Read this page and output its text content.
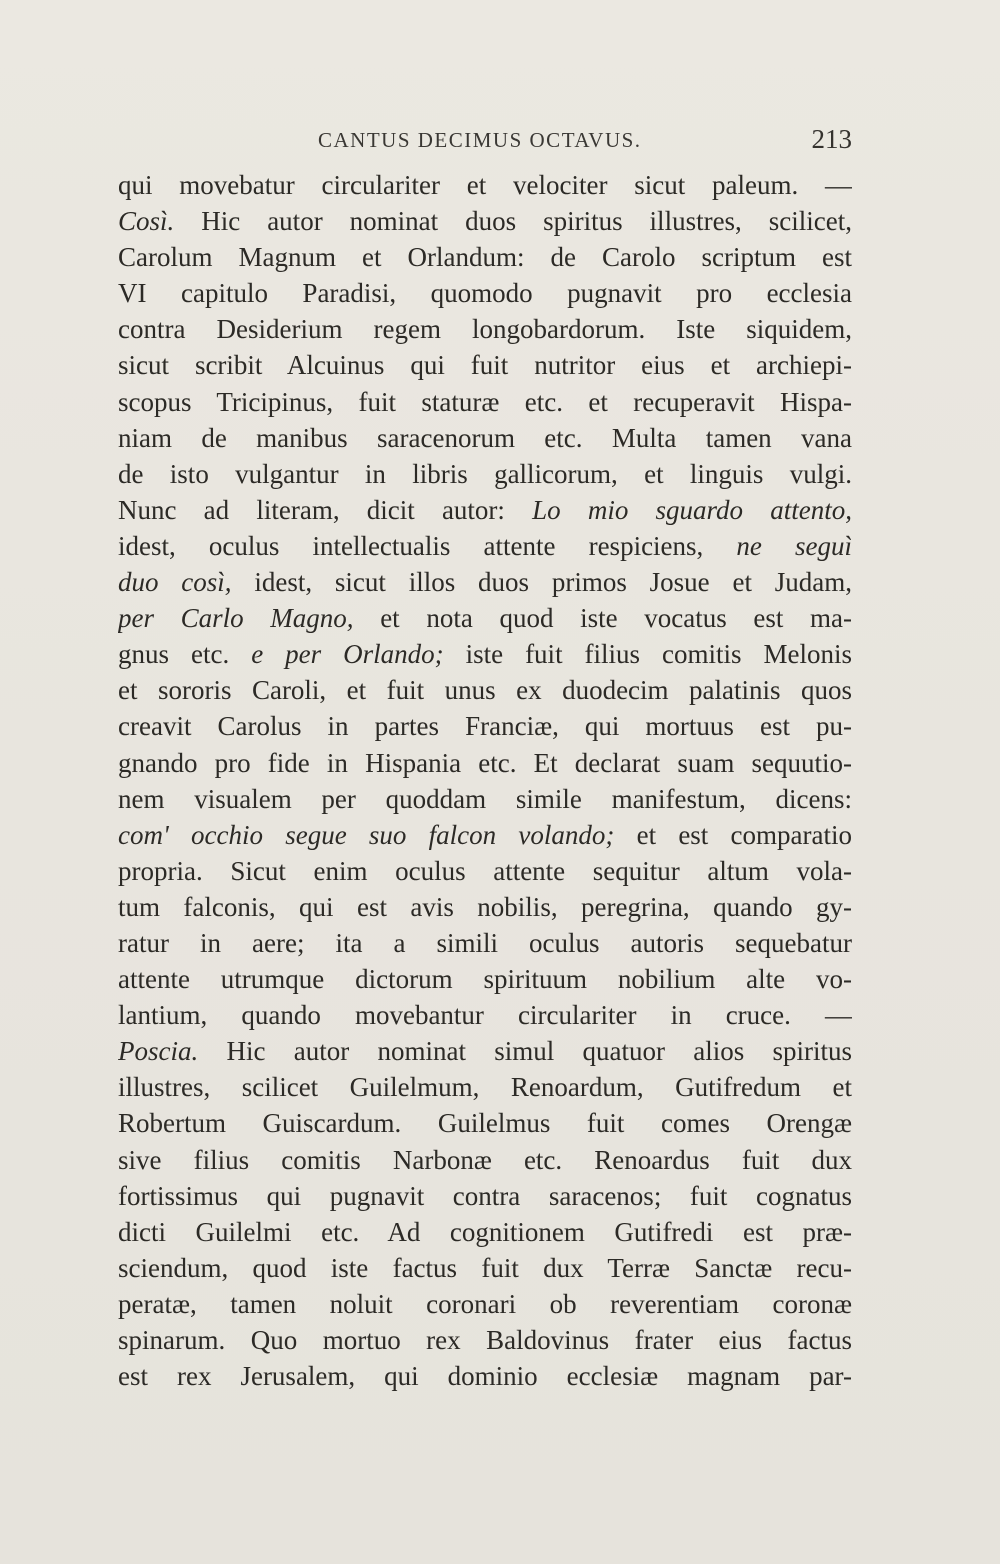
CANTUS DECIMUS OCTAVUS.	213
qui movebatur circulariter et velociter sicut paleum. —
Così. Hic autor nominat duos spiritus illustres, scilicet,
Carolum Magnum et Orlandum: de Carolo scriptum est
VI capitulo Paradisi, quomodo pugnavit pro ecclesia
contra Desiderium regem longobardorum. Iste siquidem,
sicut scribit Alcuinus qui fuit nutritor eius et archiepi-
scopus Tricipinus, fuit staturæ etc. et recuperavit Hispa-
niam de manibus saracenorum etc. Multa tamen vana
de isto vulgantur in libris gallicorum, et linguis vulgi.
Nunc ad literam, dicit autor: Lo mio sguardo attento,
idest, oculus intellectualis attente respiciens, ne seguì
duo così, idest, sicut illos duos primos Josue et Judam,
per Carlo Magno, et nota quod iste vocatus est ma-
gnus etc. e per Orlando; iste fuit filius comitis Melonis
et sororis Caroli, et fuit unus ex duodecim palatinis quos
creavit Carolus in partes Franciæ, qui mortuus est pu-
gnando pro fide in Hispania etc. Et declarat suam sequutio-
nem visualem per quoddam simile manifestum, dicens:
com' occhio segue suo falcon volando; et est comparatio
propria. Sicut enim oculus attente sequitur altum vola-
tum falconis, qui est avis nobilis, peregrina, quando gy-
ratur in aere; ita a simili oculus autoris sequebatur
attente utrumque dictorum spirituum nobilium alte vo-
lantium, quando movebantur circulariter in cruce. —
Poscia. Hic autor nominat simul quatuor alios spiritus
illustres, scilicet Guilelmum, Renoardum, Gutifredum et
Robertum Guiscardum. Guilelmus fuit comes Orengæ
sive filius comitis Narbonæ etc. Renoardus fuit dux
fortissimus qui pugnavit contra saracenos; fuit cognatus
dicti Guilelmi etc. Ad cognitionem Gutifredi est præ-
sciendum, quod iste factus fuit dux Terræ Sanctæ recu-
peratæ, tamen noluit coronari ob reverentiam coronæ
spinarum. Quo mortuo rex Baldovinus frater eius factus
est rex Jerusalem, qui dominio ecclesiæ magnam par-
